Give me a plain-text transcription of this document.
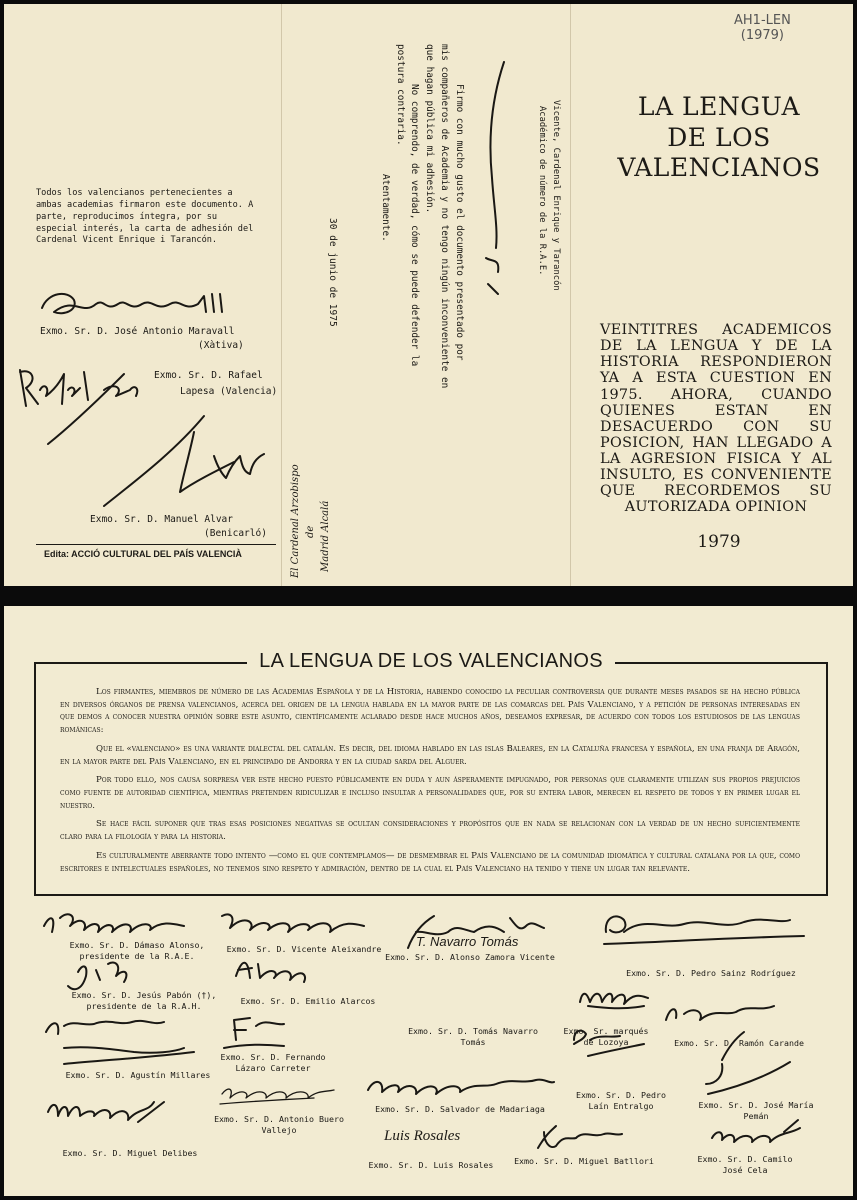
AH1-LEN
(1979)
Todos los valencianos pertenecientes a ambas academias firmaron este documento. A parte, reproducimos íntegra, por su especial interés, la carta de adhesión del Cardenal Vicent Enrique i Tarancón.
Exmo. Sr. D. José Antonio Maravall
(Xàtiva)
Exmo. Sr. D. Rafael
Lapesa (Valencia)
Exmo. Sr. D. Manuel Alvar
(Benicarló)
Edita: ACCIÓ CULTURAL DEL PAÍS VALENCIÀ	El Cardenal Arzobispo de Madrid Alcalá
30 de junio de 1975	Firmo con mucho gusto el documento presentado por
mis compañeros de Academia y no tengo ningún inconveniente en
que hagan pública mi adhesión.
No comprendo, de verdad, cómo se puede defender la
postura contraria.
Atentamente.	Vicente, Cardenal Enrique y Tarancón
Académico de número de la R.A.E.	LA LENGUA
DE LOS
VALENCIANOS
VEINTITRES ACADEMICOS DE LA LENGUA Y DE LA HISTORIA RESPONDIERON YA A ESTA CUESTION EN 1975. AHORA, CUANDO QUIENES ESTAN EN DESACUERDO CON SU POSICION, HAN LLEGADO A LA AGRESION FISICA Y AL INSULTO, ES CONVENIENTE QUE RECORDEMOS SU AUTORIZADA OPINION
1979
LA LENGUA DE LOS VALENCIANOS

Los firmantes, miembros de número de las Academias Española y de la Historia, habiendo conocido la peculiar controversia que durante meses pasados se ha hecho pública en diversos órganos de prensa valencianos, acerca del origen de la lengua hablada en la mayor parte de las comarcas del País Valenciano, y a petición de personas interesadas en que demos a conocer nuestra opinión sobre este asunto, científicamente aclarado desde hace muchos años, deseamos expresar, de acuerdo con todos los estudiosos de las lenguas románicas:

Que el «valenciano» es una variante dialectal del catalán. Es decir, del idioma hablado en las islas Baleares, en la Cataluña francesa y española, en una franja de Aragón, en la mayor parte del País Valenciano, en el principado de Andorra y en la ciudad sarda del Alguer.

Por todo ello, nos causa sorpresa ver este hecho puesto públicamente en duda y aun ásperamente impugnado, por personas que claramente utilizan sus propios prejuicios como fuente de autoridad científica, mientras pretenden ridiculizar e incluso insultar a personalidades que, por su entera labor, merecen el respeto de todos y en primer lugar el nuestro.

Se hace fácil suponer que tras esas posiciones negativas se ocultan consideraciones y propósitos que en nada se relacionan con la verdad de un hecho suficientemente claro para la filología y para la historia.

Es culturalmente aberrante todo intento —como el que contemplamos— de desmembrar el País Valenciano de la comunidad idiomática y cultural catalana por la que, como escritores e intelectuales españoles, no tenemos sino respeto y admiración, dentro de la cual el País Valenciano ha tenido y tiene un lugar tan relevante.

T. Navarro Tomás
Luis Rosales
Exmo. Sr. D. Dámaso Alonso,
presidente de la R.A.E.
Exmo. Sr. D. Vicente Aleixandre
Exmo. Sr. D. Alonso Zamora Vicente
Exmo. Sr. D. Pedro Sainz Rodríguez
Exmo. Sr. D. Jesús Pabón (†),
presidente de la R.A.H.	Exmo. Sr. D. Emilio Alarcos
Exmo. Sr. D. Tomás Navarro
Tomás
Exmo. Sr. marqués
de Lozoya	Exmo. Sr. D. Ramón Carande
Exmo. Sr. D. Agustín Millares
Exmo. Sr. D. Fernando
Lázaro Carreter
Exmo. Sr. D. Pedro
Laín Entralgo	Exmo. Sr. D. José María
Pemán
Exmo. Sr. D. Salvador de Madariaga
Exmo. Sr. D. Antonio Buero
Vallejo
Exmo. Sr. D. Miguel Delibes
Exmo. Sr. D. Luis Rosales	Exmo. Sr. D. Miguel Batllori	Exmo. Sr. D. Camilo
José Cela
